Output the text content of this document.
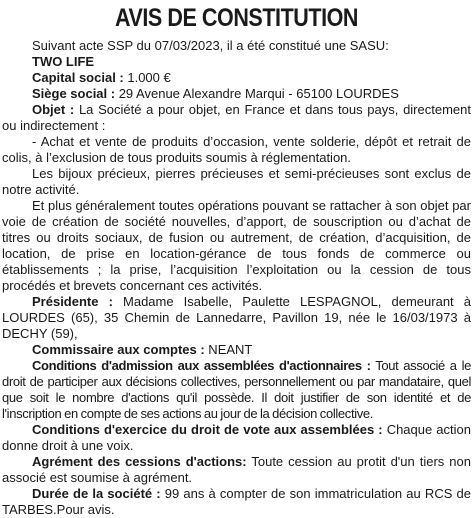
AVIS DE CONSTITUTION

Suivant acte SSP du 07/03/2023, il a été constitué une SASU:

TWO LIFE

Capital social : 1.000 €

Siège social : 29 Avenue Alexandre Marqui - 65100 LOURDES

Objet : La Société a pour objet, en France et dans tous pays, directement ou indirectement :

- Achat et vente de produits d’occasion, vente solderie, dépôt et retrait de colis, à l’exclusion de tous produits soumis à réglementation.

Les bijoux précieux, pierres précieuses et semi-précieuses sont exclus de notre activité.

Et plus généralement toutes opérations pouvant se rattacher à son objet par voie de création de société nouvelles, d’apport, de souscription ou d’achat de titres ou droits sociaux, de fusion ou autrement, de création, d’acquisition, de location, de prise en location-gérance de tous fonds de commerce ou établissements ; la prise, l’acquisition l’exploitation ou la cession de tous procédés et brevets concernant ces activités.

Présidente : Madame Isabelle, Paulette LESPAGNOL, demeurant à LOURDES (65), 35 Chemin de Lannedarre, Pavillon 19, née le 16/03/1973 à DECHY (59),

Commissaire aux comptes : NEANT

Conditions d'admission aux assemblées d'actionnaires : Tout associé a le droit de participer aux décisions collectives, personnellement ou par mandataire, quel que soit le nombre d'actions qu'il possède. Il doit justifier de son identité et de l'inscription en compte de ses actions au jour de la décision collective.

Conditions d'exercice du droit de vote aux assemblées : Chaque action donne droit à une voix.

Agrément des cessions d'actions: Toute cession au protit d'un tiers non associé est soumise à agrément.

Durée de la société : 99 ans à compter de son immatriculation au RCS de TARBES.Pour avis.
